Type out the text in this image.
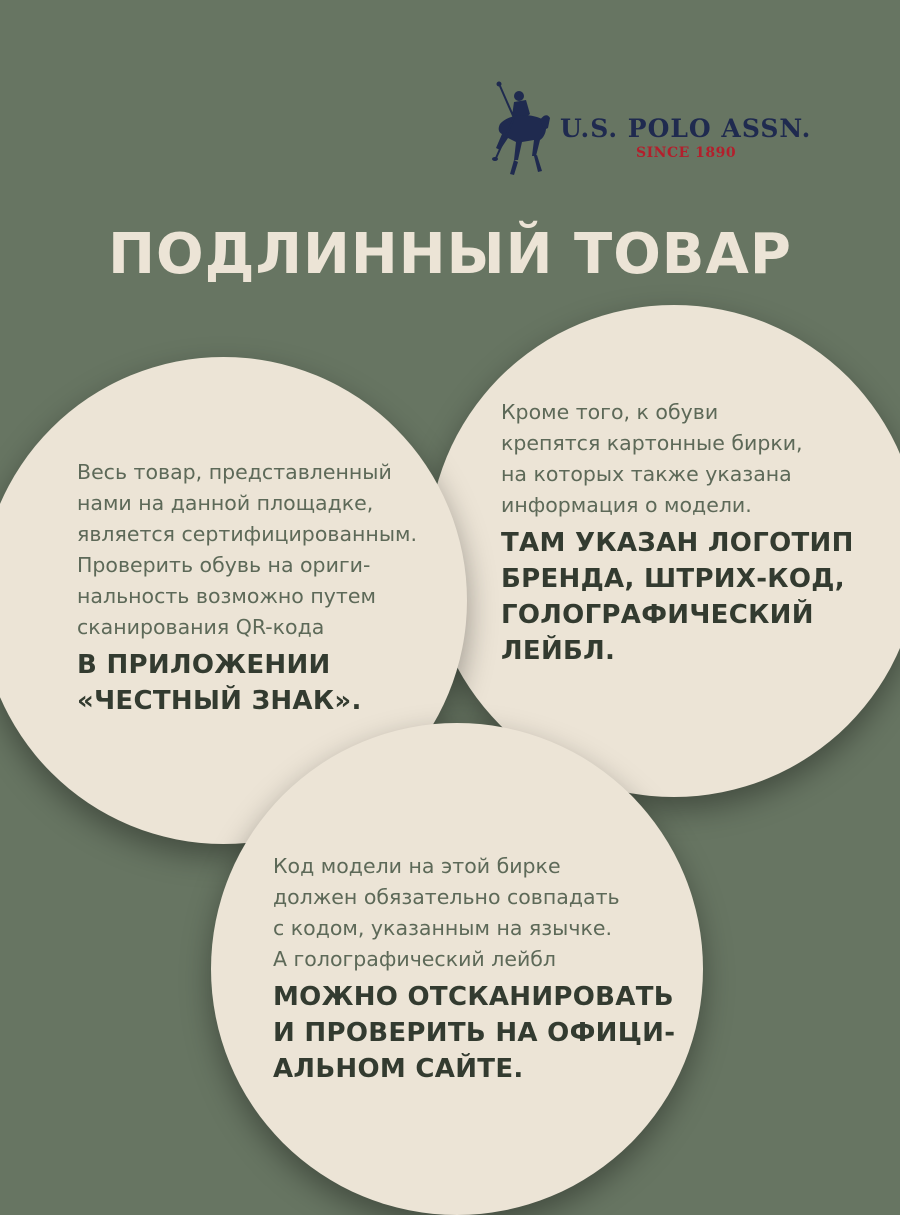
U.S. POLO ASSN.
SINCE 1890
ПОДЛИННЫЙ ТОВАР
Кроме того, к обуви
крепятся картонные бирки,
на которых также указана
информация о модели.
ТАМ УКАЗАН ЛОГОТИП
БРЕНДА, ШТРИХ-КОД,
ГОЛОГРАФИЧЕСКИЙ
ЛЕЙБЛ.
Весь товар, представленный
нами на данной площадке,
является сертифицированным.
Проверить обувь на ориги-
нальность возможно путем
сканирования QR-кода
В ПРИЛОЖЕНИИ
«ЧЕСТНЫЙ ЗНАК».
Код модели на этой бирке
должен обязательно совпадать
с кодом, указанным на язычке.
А голографический лейбл
МОЖНО ОТСКАНИРОВАТЬ
И ПРОВЕРИТЬ НА ОФИЦИ-
АЛЬНОМ САЙТЕ.
